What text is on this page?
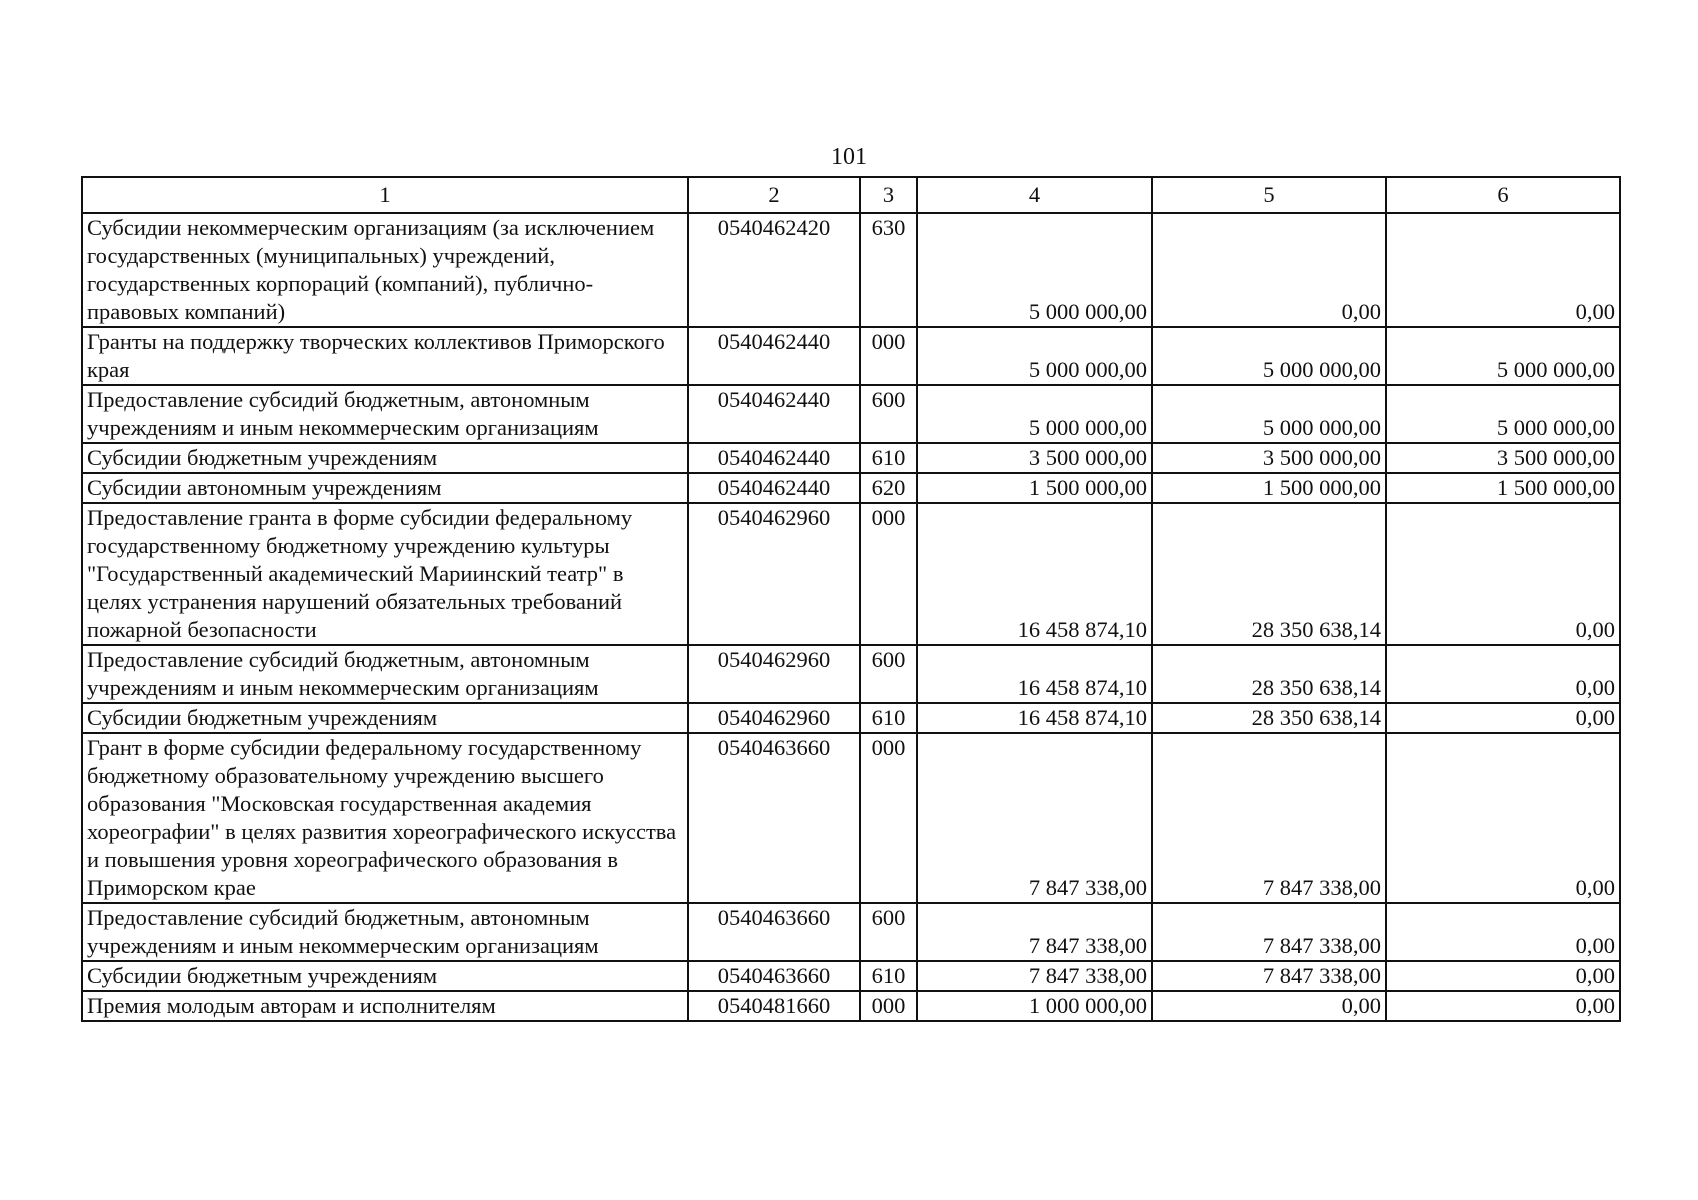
101
1	2	3	4	5	6
Субсидии некоммерческим организациям (за исключением государственных (муниципальных) учреждений, государственных корпораций (компаний), публично-правовых компаний)	0540462420	630	5 000 000,00	0,00	0,00
Гранты на поддержку творческих коллективов Приморского края	0540462440	000	5 000 000,00	5 000 000,00	5 000 000,00
Предоставление субсидий бюджетным, автономным учреждениям и иным некоммерческим организациям	0540462440	600	5 000 000,00	5 000 000,00	5 000 000,00
Субсидии бюджетным учреждениям	0540462440	610	3 500 000,00	3 500 000,00	3 500 000,00
Субсидии автономным учреждениям	0540462440	620	1 500 000,00	1 500 000,00	1 500 000,00
Предоставление гранта в форме субсидии федеральному государственному бюджетному учреждению культуры "Государственный академический Мариинский театр" в целях устранения нарушений обязательных требований пожарной безопасности	0540462960	000	16 458 874,10	28 350 638,14	0,00
Предоставление субсидий бюджетным, автономным учреждениям и иным некоммерческим организациям	0540462960	600	16 458 874,10	28 350 638,14	0,00
Субсидии бюджетным учреждениям	0540462960	610	16 458 874,10	28 350 638,14	0,00
Грант в форме субсидии федеральному государственному бюджетному образовательному учреждению высшего образования "Московская государственная академия хореографии" в целях развития хореографического искусства и повышения уровня хореографического образования в Приморском крае	0540463660	000	7 847 338,00	7 847 338,00	0,00
Предоставление субсидий бюджетным, автономным учреждениям и иным некоммерческим организациям	0540463660	600	7 847 338,00	7 847 338,00	0,00
Субсидии бюджетным учреждениям	0540463660	610	7 847 338,00	7 847 338,00	0,00
Премия молодым авторам и исполнителям	0540481660	000	1 000 000,00	0,00	0,00
